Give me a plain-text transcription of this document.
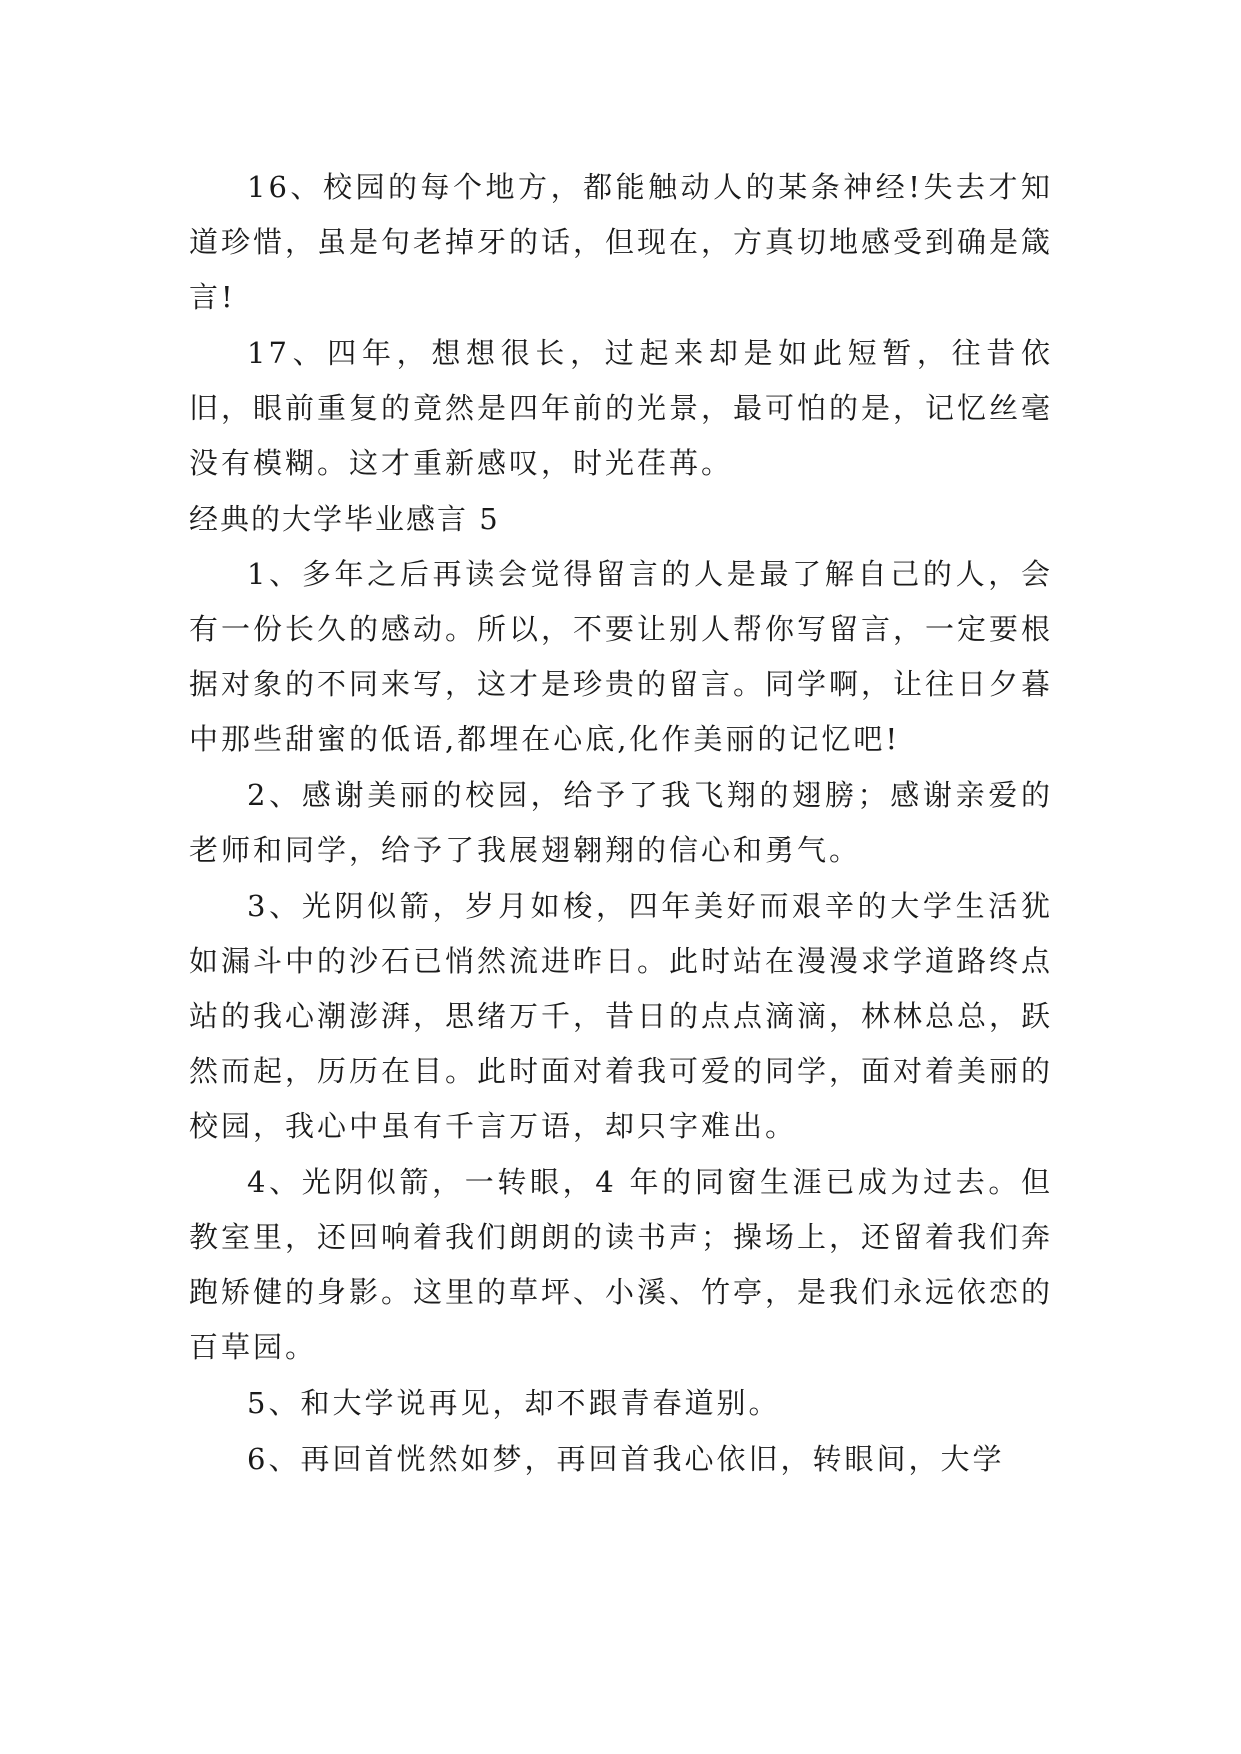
16、校园的每个地方，都能触动人的某条神经!失去才知道珍惜，虽是句老掉牙的话，但现在，方真切地感受到确是箴言!

17、四年，想想很长，过起来却是如此短暂，往昔依旧，眼前重复的竟然是四年前的光景，最可怕的是，记忆丝毫没有模糊。这才重新感叹，时光荏苒。

经典的大学毕业感言 5

1、多年之后再读会觉得留言的人是最了解自己的人，会有一份长久的感动。所以，不要让别人帮你写留言，一定要根据对象的不同来写，这才是珍贵的留言。同学啊，让往日夕暮中那些甜蜜的低语,都埋在心底,化作美丽的记忆吧!

2、感谢美丽的校园，给予了我飞翔的翅膀；感谢亲爱的老师和同学，给予了我展翅翱翔的信心和勇气。

3、光阴似箭，岁月如梭，四年美好而艰辛的大学生活犹如漏斗中的沙石已悄然流进昨日。此时站在漫漫求学道路终点站的我心潮澎湃，思绪万千，昔日的点点滴滴，林林总总，跃然而起，历历在目。此时面对着我可爱的同学，面对着美丽的校园，我心中虽有千言万语，却只字难出。

4、光阴似箭，一转眼，4 年的同窗生涯已成为过去。但教室里，还回响着我们朗朗的读书声；操场上，还留着我们奔跑矫健的身影。这里的草坪、小溪、竹亭，是我们永远依恋的百草园。

5、和大学说再见，却不跟青春道别。

6、再回首恍然如梦，再回首我心依旧，转眼间，大学
